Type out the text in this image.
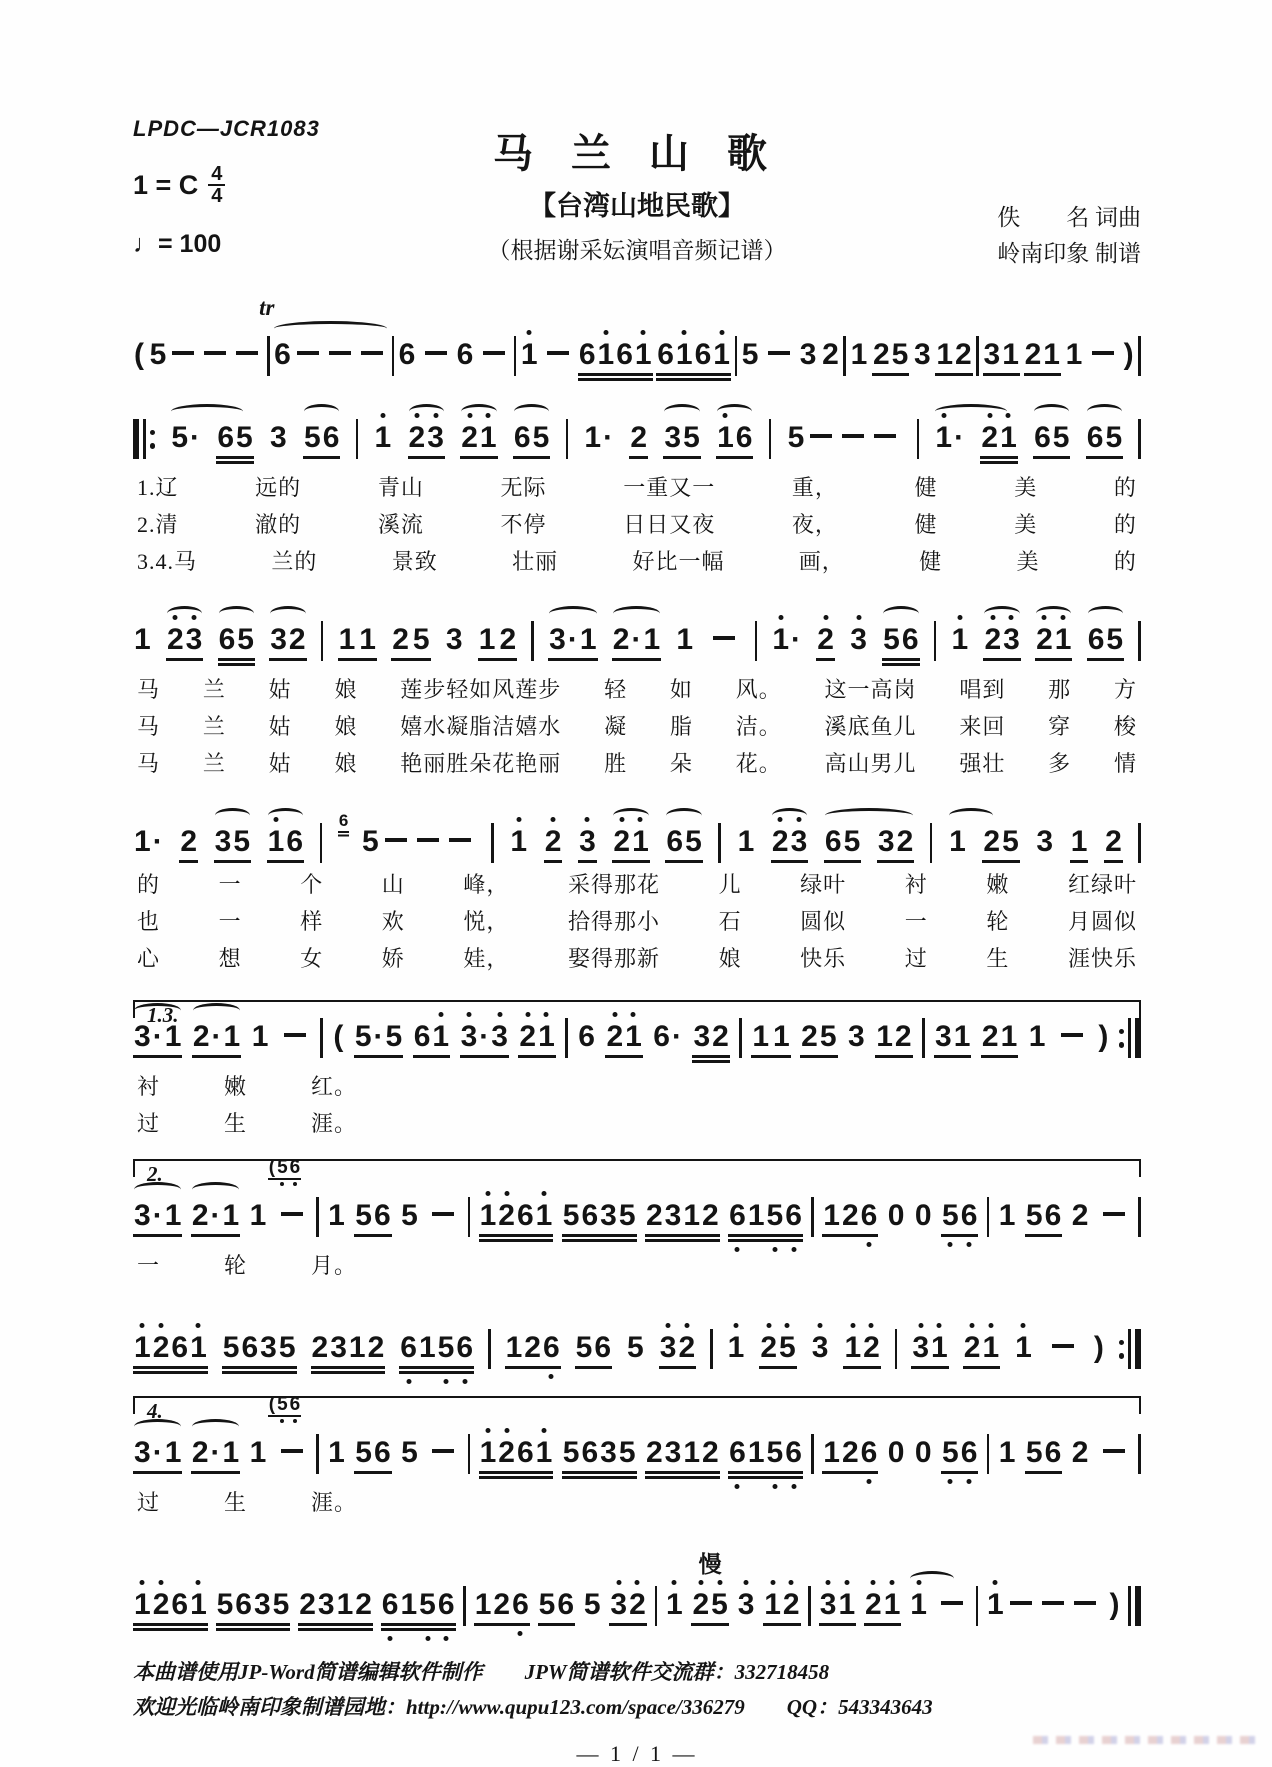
LPDC—JCR1083
1 = C $\frac{4}{4}$
♩= 100
马 兰 山 歌
【台湾山地民歌】
（根据谢采妘演唱音频记谱）
佚　　名 词曲
岭南印象 制谱
( 5	6
tr
6 6 1 61
61 61
61 5 3 2 1 25 3 12 31 21 1 )
5· 65 3 56 1 2
3 2
1 65 1· 2 35 1
6 5	1
· 2
1 65 65
1.辽	远的	青山	无际	一重又一	重，	健	美	的
2.清	澈的	溪流	不停	日日又夜	夜，	健	美	的
3.4.马	兰的	景致	壮丽	好比一幅	画，	健	美	的
1 2
3 65 32 1 1 2 5 3 1 2 3·1 2·1 1	1
· 2 3 56 1 2
3 2
1 65
马 兰 姑 娘 莲步轻如风莲步 轻 如 风。 这一高岗 唱到 那 方
马 兰 姑 娘 嬉水凝脂洁嬉水 凝 脂 洁。 溪底鱼儿 来回 穿 梭
马 兰 姑 娘 艳丽胜朵花艳丽 胜 朵 花。 高山男儿 强壮 多 情
1· 2 35 1
6
6
5	1 2 3 2
1 65 1 2
3 65 32 1 25 3 1 2
的	一	个	山	峰，	采得那花	儿	绿叶	衬	嫩	红绿叶
也	一	样	欢	悦，	拾得那小	石	圆似	一	轮	月圆似
心	想	女	娇	娃，	娶得那新	娘	快乐	过	生	涯快乐
1.3.
3·1 2·1 1 ( 5·5 61 3
·3 2
1 6 2
1 6· 32 1 1 25 3 12 31 21 1 )
衬	嫩	红。
过	生	涯。
2.
3·1 2·1 1
( 5 6
1 56 5 1
2
61 5635 2312 6
15
6 126 0 0 5
6 1 56 2
一	轮	月。
1
2
61 5635 2312 6
15
6 126 56 5 3
2 1 2
5 3 1
2 3
1 2
1 1 )
4.
3·1 2·1 1
( 5 6
1 56 5 1
2
61 5635 2312 6
15
6 126 0 0 5
6 1 56 2
过	生	涯。
1
2
61 5635 2312 6
15
6 126 56 5 3
2 1 2
5
慢
3 1
2 3
1 2
1 1 1	)
本曲谱使用JP-Word简谱编辑软件制作　　JPW简谱软件交流群：332718458
欢迎光临岭南印象制谱园地：http://www.qupu123.com/space/336279　　QQ：543343643
— 1 / 1 —
